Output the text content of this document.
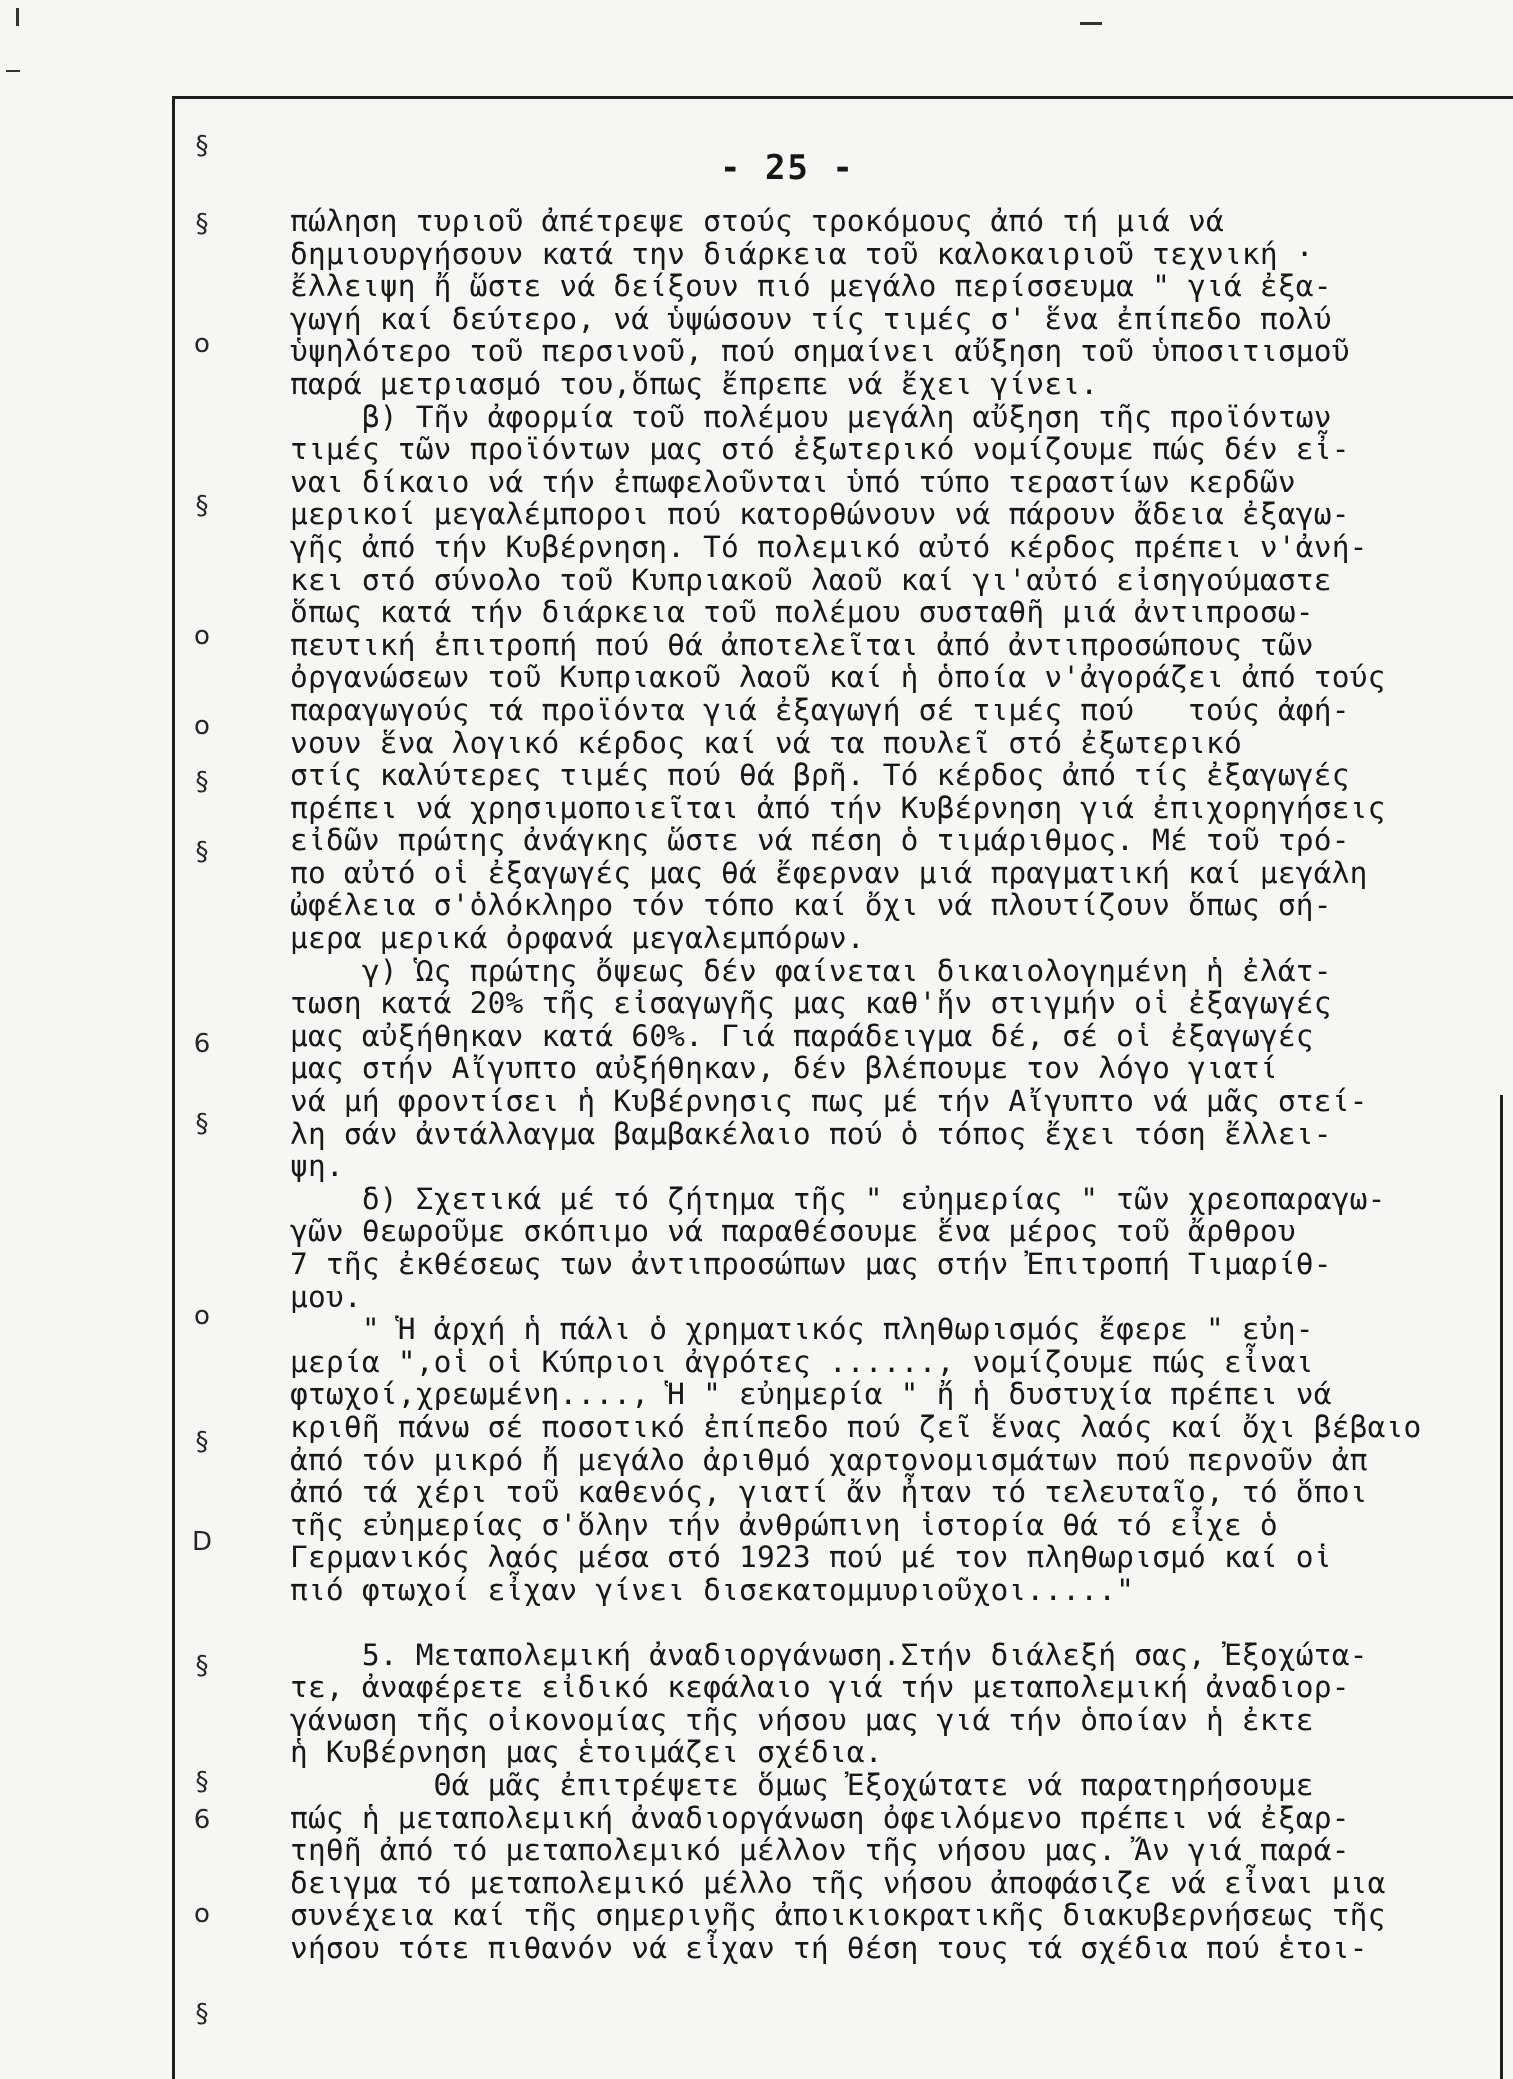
- 25 -
§
§
o
§
o
o
§
§
6
§
o
§
D
§
§
6
o
§
πώληση τυριοῦ ἀπέτρεψε στούς τροκόμους ἀπό τή μιά νά
δημιουργήσουν κατά την διάρκεια τοῦ καλοκαιριοῦ τεχνική ·
ἔλλειψη ἤ ὥστε νά δείξουν πιό μεγάλο περίσσευμα " γιά ἐξα-
γωγή καί δεύτερο, νά ὑψώσουν τίς τιμές σ' ἕνα ἐπίπεδο πολύ
ὑψηλότερο τοῦ περσινοῦ, πού σημαίνει αὔξηση τοῦ ὑποσιτισμοῦ
παρά μετριασμό του,ὅπως ἔπρεπε νά ἔχει γίνει.
β) Τῆν ἀφορμία τοῦ πολέμου μεγάλη αὔξηση τῆς προϊόντων
τιμές τῶν προϊόντων μας στό ἐξωτερικό νομίζουμε πώς δέν εἶ-
ναι δίκαιο νά τήν ἐπωφελοῦνται ὑπό τύπο τεραστίων κερδῶν
μερικοί μεγαλέμποροι πού κατορθώνουν νά πάρουν ἄδεια ἐξαγω-
γῆς ἀπό τήν Κυβέρνηση. Τό πολεμικό αὐτό κέρδος πρέπει ν'ἀνή-
κει στό σύνολο τοῦ Κυπριακοῦ λαοῦ καί γι'αὐτό εἰσηγούμαστε
ὅπως κατά τήν διάρκεια τοῦ πολέμου συσταθῆ μιά ἀντιπροσω-
πευτική ἐπιτροπή πού θά ἀποτελεῖται ἀπό ἀντιπροσώπους τῶν
ὀργανώσεων τοῦ Κυπριακοῦ λαοῦ καί ἡ ὁποία ν'ἀγοράζει ἀπό τούς
παραγωγούς τά προϊόντα γιά ἐξαγωγή σέ τιμές πού   τούς ἀφή-
νουν ἕνα λογικό κέρδος καί νά τα πουλεῖ στό ἐξωτερικό
στίς καλύτερες τιμές πού θά βρῆ. Τό κέρδος ἀπό τίς ἐξαγωγές
πρέπει νά χρησιμοποιεῖται ἀπό τήν Κυβέρνηση γιά ἐπιχορηγήσεις
εἰδῶν πρώτης ἀνάγκης ὥστε νά πέση ὁ τιμάριθμος. Μέ τοῦ τρό-
πο αὐτό οἱ ἐξαγωγές μας θά ἔφερναν μιά πραγματική καί μεγάλη
ὠφέλεια σ'ὁλόκληρο τόν τόπο καί ὄχι νά πλουτίζουν ὅπως σή-
μερα μερικά ὀρφανά μεγαλεμπόρων.
γ) Ὡς πρώτης ὄψεως δέν φαίνεται δικαιολογημένη ἡ ἐλάτ-
τωση κατά 20% τῆς εἰσαγωγῆς μας καθ'ἥν στιγμήν οἱ ἐξαγωγές
μας αὐξήθηκαν κατά 60%. Γιά παράδειγμα δέ, σέ οἱ ἐξαγωγές
μας στήν Αἴγυπτο αὐξήθηκαν, δέν βλέπουμε τον λόγο γιατί
νά μή φροντίσει ἡ Κυβέρνησις πως μέ τήν Αἴγυπτο νά μᾶς στεί-
λη σάν ἀντάλλαγμα βαμβακέλαιο πού ὁ τόπος ἔχει τόση ἔλλει-
ψη.
δ) Σχετικά μέ τό ζήτημα τῆς " εὐημερίας " τῶν χρεοπαραγω-
γῶν θεωροῦμε σκόπιμο νά παραθέσουμε ἕνα μέρος τοῦ ἄρθρου
7 τῆς ἐκθέσεως των ἀντιπροσώπων μας στήν Ἐπιτροπή Τιμαρίθ-
μου.
" Ἡ ἀρχή ἡ πάλι ὁ χρηματικός πληθωρισμός ἔφερε " εὐη-
μερία ",οἱ οἱ Κύπριοι ἀγρότες ......, νομίζουμε πώς εἶναι
φτωχοί,χρεωμένη...., Ἡ " εὐημερία " ἤ ἡ δυστυχία πρέπει νά
κριθῆ πάνω σέ ποσοτικό ἐπίπεδο πού ζεῖ ἕνας λαός καί ὄχι βέβαιο
ἀπό τόν μικρό ἤ μεγάλο ἀριθμό χαρτονομισμάτων πού περνοῦν ἀπ
ἀπό τά χέρι τοῦ καθενός, γιατί ἄν ἦταν τό τελευταῖο, τό ὅποι
τῆς εὐημερίας σ'ὅλην τήν ἀνθρώπινη ἱστορία θά τό εἶχε ὁ
Γερμανικός λαός μέσα στό 1923 πού μέ τον πληθωρισμό καί οἱ
πιό φτωχοί εἶχαν γίνει δισεκατομμυριοῦχοι....."
5. Μεταπολεμική ἀναδιοργάνωση.Στήν διάλεξή σας, Ἐξοχώτα-
τε, ἀναφέρετε εἰδικό κεφάλαιο γιά τήν μεταπολεμική ἀναδιορ-
γάνωση τῆς οἰκονομίας τῆς νήσου μας γιά τήν ὁποίαν ἡ ἐκτε
ἡ Κυβέρνηση μας ἑτοιμάζει σχέδια.
Θά μᾶς ἐπιτρέψετε ὅμως Ἐξοχώτατε νά παρατηρήσουμε
πώς ἡ μεταπολεμική ἀναδιοργάνωση ὀφειλόμενο πρέπει νά ἐξαρ-
τηθῆ ἀπό τό μεταπολεμικό μέλλον τῆς νήσου μας. Ἄν γιά παρά-
δειγμα τό μεταπολεμικό μέλλο τῆς νήσου ἀποφάσιζε νά εἶναι μια
συνέχεια καί τῆς σημερινῆς ἀποικιοκρατικῆς διακυβερνήσεως τῆς
νήσου τότε πιθανόν νά εἶχαν τή θέση τους τά σχέδια πού ἑτοι-
